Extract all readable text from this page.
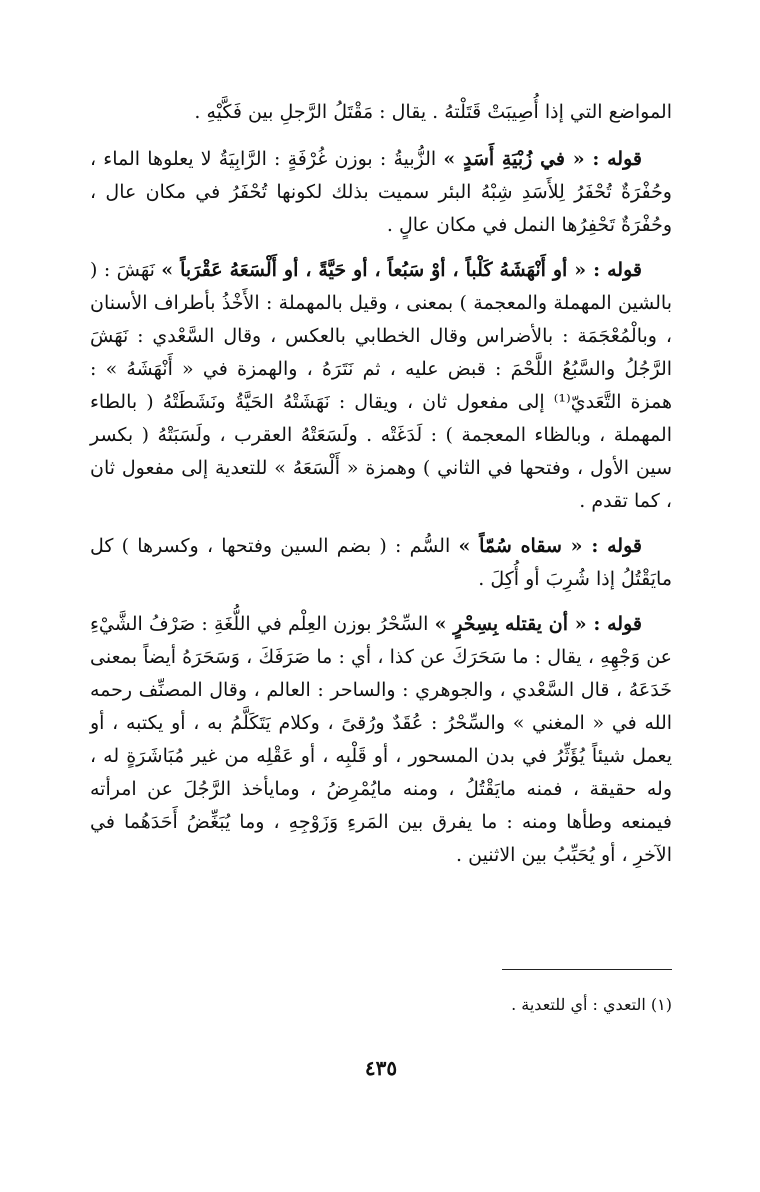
المواضع التي إذا أُصِيبَتْ قَتَلْتهُ . يقال : مَقْتَلُ الرَّجلِ بين فَكَّيْهِ .

قوله : « في زُبْيَةِ أَسَدٍ » الزُّبيةُ : بوزن غُرْفَةٍ : الرَّابِيَةُ لا يعلوها الماء ، وحُفْرَةٌ تُحْفَرُ لِلأَسَدِ شِبْهُ البئر سميت بذلك لكونها تُحْفَرُ في مكان عال ، وحُفْرَةٌ تَحْفِرُها النمل في مكان عالٍ .

قوله : « أو أَنْهَشَهُ كَلْباً ، أوْ سَبُعاً ، أو حَيَّةً ، أو أَلْسَعَهُ عَقْرَباً » نَهَشَ : ( بالشين المهملة والمعجمة ) بمعنى ، وقيل بالمهملة : الأَخْذُ بأطراف الأسنان ، وبالْمُعْجَمَة : بالأضراس وقال الخطابي بالعكس ، وقال السَّعْدي : نَهَشَ الرَّجُلُ والسَّبُعُ اللَّحْمَ : قبض عليه ، ثم نَتَرَهُ ، والهمزة في « أَنْهَشَهُ » : همزة التَّعَديّ⁽¹⁾ إلى مفعول ثان ، ويقال : نَهَشَتْهُ الحَيَّةُ ونَشَطَتْهُ ( بالطاء المهملة ، وبالظاء المعجمة ) : لَدَغَتْه . ولَسَعَتْهُ العقرب ، ولَسَبَتْهُ ( بكسر سين الأول ، وفتحها في الثاني ) وهمزة « أَلْسَعَهُ » للتعدية إلى مفعول ثان ، كما تقدم .

قوله : « سقاه سُمّاً » السُّم : ( بضم السين وفتحها ، وكسرها ) كل مايَقْتُلُ إذا شُرِبَ أو أُكِلَ .

قوله : « أن يقتله بِسِحْرٍ » السِّحْرُ بوزن العِلْم في اللُّغَةِ : صَرْفُ الشَّيْءِ عن وَجْهِهِ ، يقال : ما سَحَرَكَ عن كذا ، أي : ما صَرَفَكَ ، وَسَحَرَهُ أيضاً بمعنى خَدَعَهُ ، قال السَّعْدي ، والجوهري : والساحر : العالم ، وقال المصنِّف رحمه الله في « المغني » والسِّحْرُ : عُقَدٌ ورُقىً ، وكلام يَتَكَلَّمُ به ، أو يكتبه ، أو يعمل شيئاً يُؤَثِّرُ في بدن المسحور ، أو قَلْبِه ، أو عَقْلِه من غير مُبَاشَرَةٍ له ، وله حقيقة ، فمنه مايَقْتُلُ ، ومنه مايُمْرِضُ ، ومايأخذ الرَّجُلَ عن امرأته فيمنعه وطأها ومنه : ما يفرق بين المَرءِ وَزَوْجِهِ ، وما يُبَغِّضُ أَحَدَهُما في الآخرِ ، أو يُحَبِّبُ بين الاثنين .

(١) التعدي : أي للتعدية .
٤٣٥
